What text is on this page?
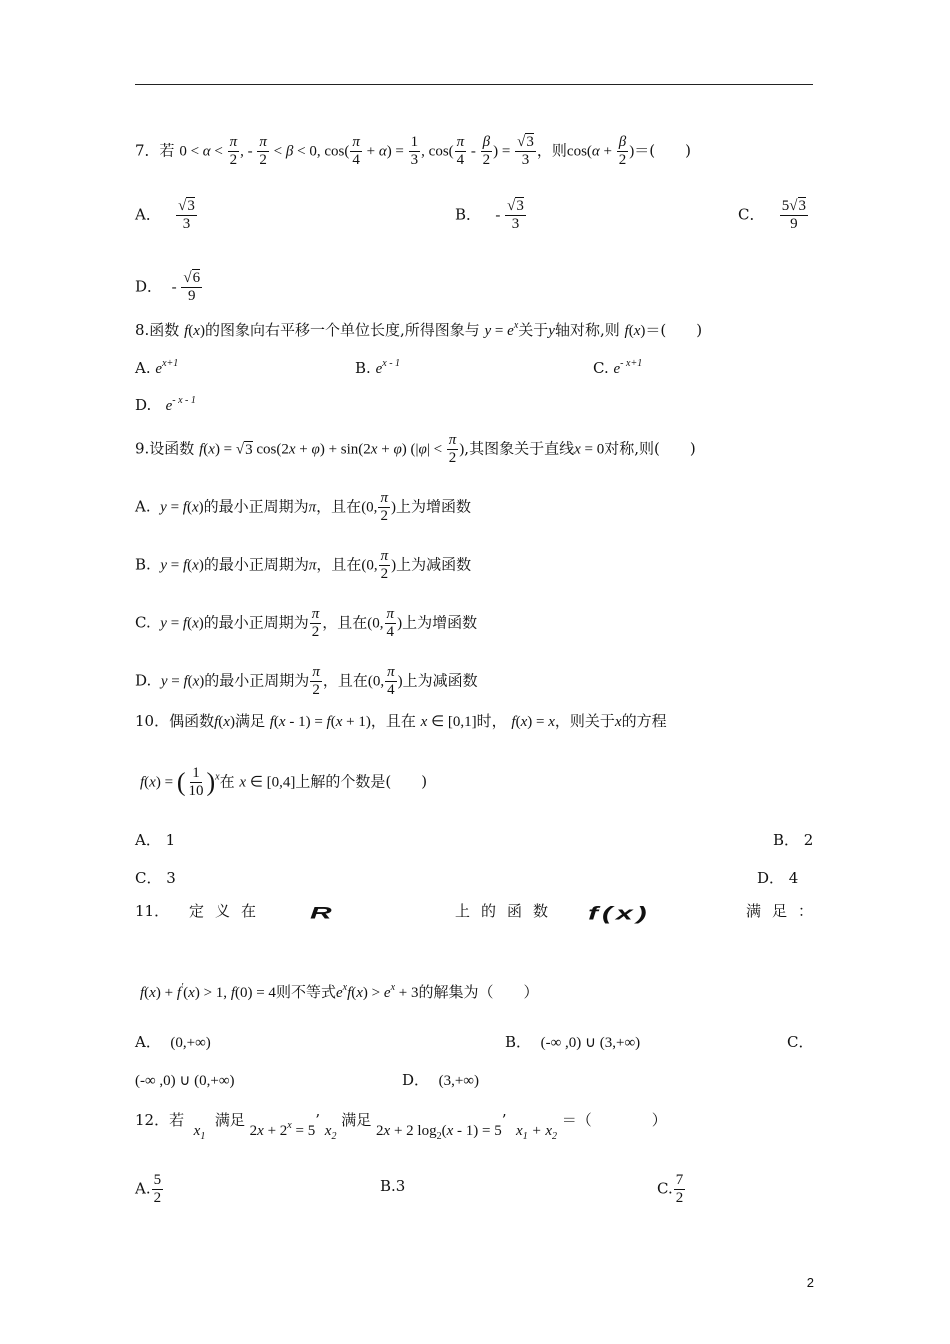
7．若 $0 < \alpha < \frac{\pi}{2}$ , - $\frac{\pi}{2} < \beta < 0$, $\cos( \frac{\pi}{4} + \alpha) = \frac{1}{3}$ , $\cos( \frac{\pi}{4} - \frac{\beta}{2}$ ) = $\frac{√3}{3}$ ，则$\cos(\alpha + \frac{\beta}{2}$ )＝(　　)
A． $\frac{√3}{3}$	B． - $\frac{√3}{3}$	C． $\frac{5√3}{9}$
D． - $\frac{√6}{9}$
8.函数 f(x)的图象向右平移一个单位长度,所得图象与 $y = e^x$关于y轴对称,则 f(x)＝(　　)
A. $e^{x+1}$	B. $e^{x - 1}$	C. $e^{- x+1}$
D. $e^{- x - 1}$
9.设函数 f(x) = √3 cos(2x + φ) + sin(2x + φ) ($|\varphi| < \frac{\pi}{2}$ ),其图象关于直线x = 0对称,则(　　)
A. y = f(x)的最小正周期为π，且在(0, $\frac{\pi}{2}$ )上为增函数
B. y = f(x)的最小正周期为π，且在(0, $\frac{\pi}{2}$ )上为减函数
C. y = f(x)的最小正周期为 $\frac{\pi}{2}$ ，且在(0, $\frac{\pi}{4}$ )上为增函数
D. y = f(x)的最小正周期为 $\frac{\pi}{2}$ ，且在(0, $\frac{\pi}{4}$ )上为减函数
10．偶函数f(x)满足 f(x - 1) = f(x + 1)，且在 x ∈ [0,1]时， f(x) = x，则关于x的方程
f(x) = ( $\frac{1}{10} )^x$在 x ∈ [0,4]上解的个数是(　　)
A． 1	B． 2
C． 3	D． 4
11． 定 义 在 R	上 的 函 数 f(x)	满 足 ：
f(x) + f′(x) > 1, f(0) = 4则不等式$e^xf(x) > e^x + 3$的解集为（　　）
A． (0,+∞)	B． (-∞ ,0) ∪ (3,+∞)	C．
(-∞ ,0) ∪ (0,+∞)	D． (3,+∞)
12．若  $x_1$  满足 $2x + 2^x = 5$’ $x_2$ 满足 2x + 2 $\log_2(x - 1) = 5$’  $x_1 + x_2$ ＝（　　　　）
A. $\frac{5}{2}$	B.3	C. $\frac{7}{2}$
2
